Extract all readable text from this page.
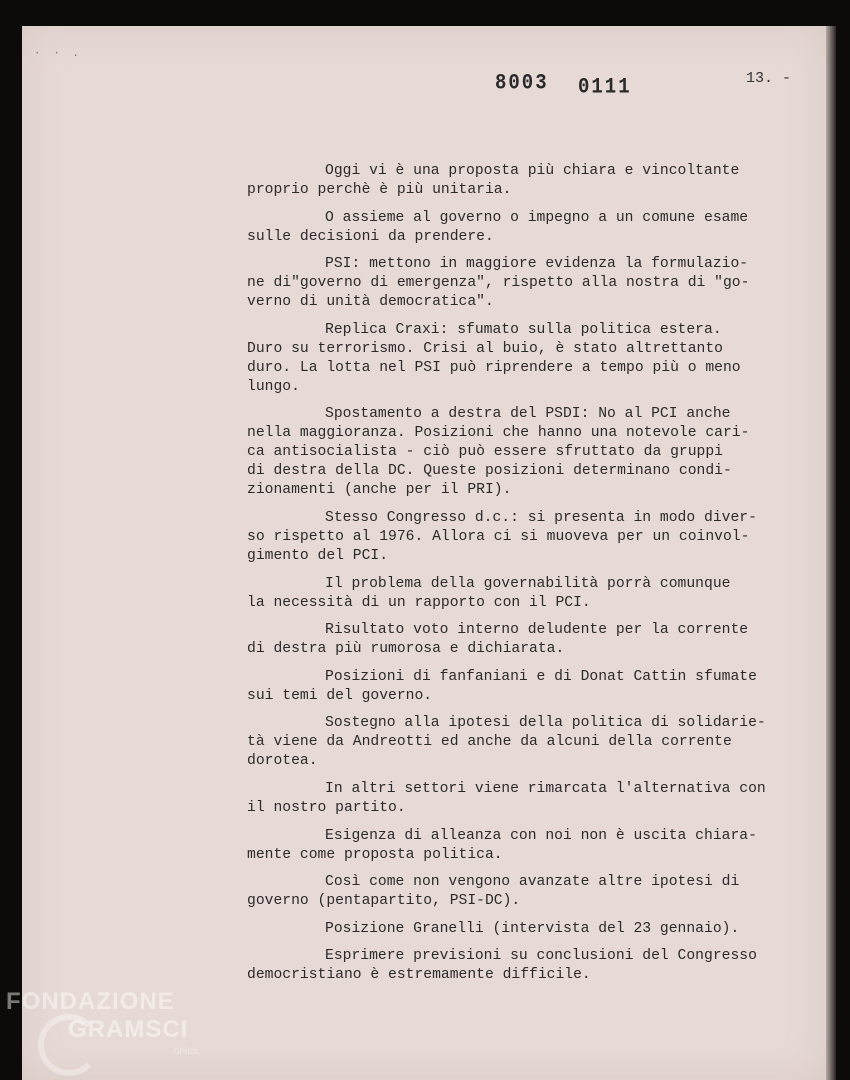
· · .
8003 0111	13. -
Oggi vi è una proposta più chiara e vincoltante
proprio perchè è più unitaria.
O assieme al governo o impegno a un comune esame
sulle decisioni da prendere.
PSI: mettono in maggiore evidenza la formulazio-
ne di"governo di emergenza", rispetto alla nostra di "go-
verno di unità democratica".
Replica Craxi: sfumato sulla politica estera.
Duro su terrorismo. Crisi al buio, è stato altrettanto
duro. La lotta nel PSI può riprendere a tempo più o meno
lungo.
Spostamento a destra del PSDI: No al PCI anche
nella maggioranza. Posizioni che hanno una notevole cari-
ca antisocialista - ciò può essere sfruttato da gruppi
di destra della DC. Queste posizioni determinano condi-
zionamenti (anche per il PRI).
Stesso Congresso d.c.: si presenta in modo diver-
so rispetto al 1976. Allora ci si muoveva per un coinvol-
gimento del PCI.
Il problema della governabilità porrà comunque
la necessità di un rapporto con il PCI.
Risultato voto interno deludente per la corrente
di destra più rumorosa e dichiarata.
Posizioni di fanfaniani e di Donat Cattin sfumate
sui temi del governo.
Sostegno alla ipotesi della politica di solidarie-
tà viene da Andreotti ed anche da alcuni della corrente
dorotea.
In altri settori viene rimarcata l'alternativa con
il nostro partito.
Esigenza di alleanza con noi non è uscita chiara-
mente come proposta politica.
Così come non vengono avanzate altre ipotesi di
governo (pentapartito, PSI-DC).
Posizione Granelli (intervista del 23 gennaio).
Esprimere previsioni su conclusioni del Congresso
democristiano è estremamente difficile.
FONDAZIONE
GRAMSCI
onlus
